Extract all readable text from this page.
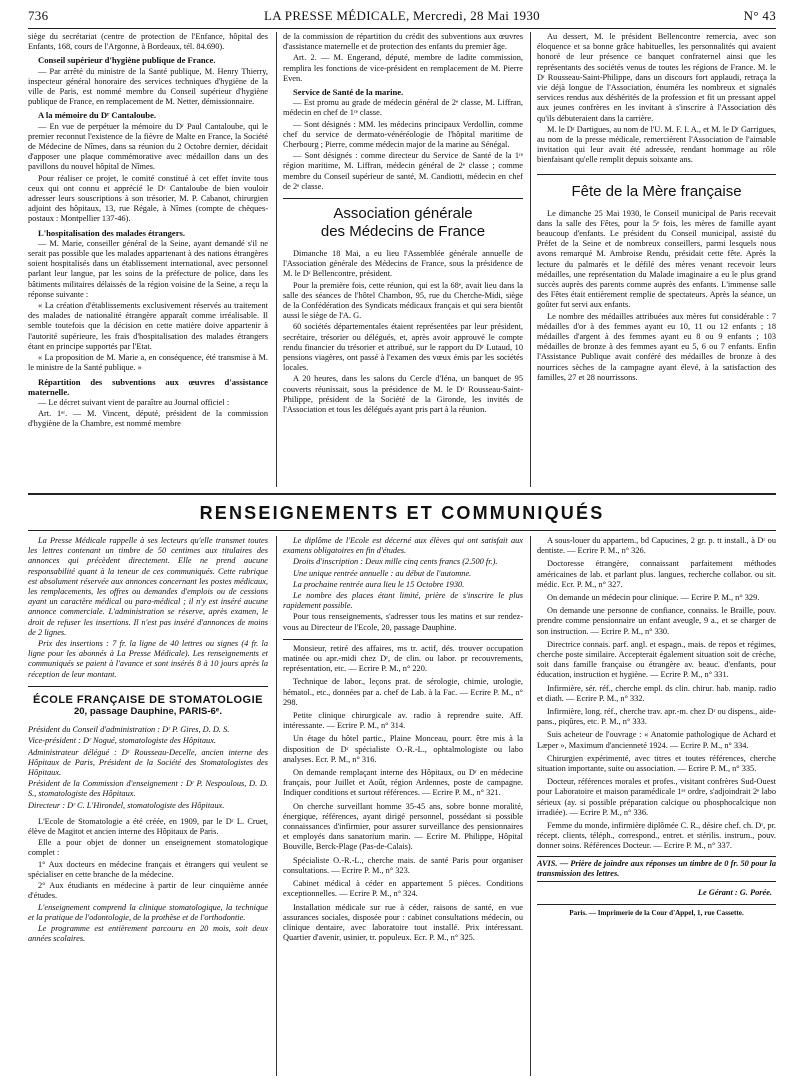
736	LA PRESSE MÉDICALE, Mercredi, 28 Mai 1930	N° 43

siège du secrétariat (centre de protection de l'Enfance, hôpital des Enfants, 168, cours de l'Argonne, à Bordeaux, tél. 84.690).

Conseil supérieur d'hygiène publique de France.

— Par arrêté du ministre de la Santé publique, M. Henry Thierry, inspecteur général honoraire des services techniques d'hygiène de la ville de Paris, est nommé membre du Conseil supérieur d'hygiène publique de France, en remplacement de M. Netter, démissionnaire.

A la mémoire du Dʳ Cantaloube.

— En vue de perpétuer la mémoire du Dʳ Paul Cantaloube, qui le premier reconnut l'existence de la fièvre de Malte en France, la Société de Médecine de Nîmes, dans sa réunion du 2 Octobre dernier, décidait d'apposer une plaque commémorative avec médaillon dans un des pavillons du nouvel hôpital de Nîmes.

Pour réaliser ce projet, le comité constitué à cet effet invite tous ceux qui ont connu et apprécié le Dʳ Cantaloube de bien vouloir adresser leurs souscriptions à son trésorier, M. P. Cabanot, chirurgien adjoint des hôpitaux, 13, rue Régale, à Nîmes (compte de chèques-postaux : Montpellier 137-46).

L'hospitalisation des malades étrangers.

— M. Marie, conseiller général de la Seine, ayant demandé s'il ne serait pas possible que les malades appartenant à des nations étrangères soient hospitalisés dans un établissement international, avec personnel parlant leur langue, par les soins de la préfecture de police, dans les bâtiments militaires délaissés de la région voisine de la Seine, a reçu la réponse suivante :

« La création d'établissements exclusivement réservés au traitement des malades de nationalité étrangère apparaît comme irréalisable. Il semble toutefois que la décision en cette matière doive appartenir à l'autorité supérieure, les frais d'hospitalisation des malades étrangers étant en principe supportés par l'Etat.

« La proposition de M. Marie a, en conséquence, été transmise à M. le ministre de la Santé publique. »

Répartition des subventions aux œuvres d'assistance maternelle.

— Le décret suivant vient de paraître au Journal officiel :

Art. 1ᵉʳ. — M. Vincent, député, président de la commission d'hygiène de la Chambre, est nommé membre

de la commission de répartition du crédit des subventions aux œuvres d'assistance maternelle et de protection des enfants du premier âge.

Art. 2. — M. Engerand, député, membre de ladite commission, remplira les fonctions de vice-président en remplacement de M. Pierre Even.

Service de Santé de la marine.

— Est promu au grade de médecin général de 2ᵉ classe, M. Liffran, médecin en chef de 1ʳᵉ classe.

— Sont désignés : MM. les médecins principaux Verdollin, comme chef du service de dermato-vénéréologie de l'hôpital maritime de Cherbourg ; Pierre, comme médecin major de la marine au Sénégal.

— Sont désignés : comme directeur du Service de Santé de la 1ʳᵉ région maritime, M. Liffran, médecin général de 2ᵉ classe ; comme membre du Conseil supérieur de santé, M. Candiotti, médecin en chef de 2ᵉ classe.

Association générale
des Médecins de France

Dimanche 18 Mai, a eu lieu l'Assemblée générale annuelle de l'Association générale des Médecins de France, sous la présidence de M. le Dʳ Bellencontre, président.

Pour la première fois, cette réunion, qui est la 68ᵉ, avait lieu dans la salle des séances de l'hôtel Chambon, 95, rue du Cherche-Midi, siège de la Confédération des Syndicats médicaux français et qui sera bientôt aussi le siège de l'A. G.

60 sociétés départementales étaient représentées par leur président, secrétaire, trésorier ou délégués, et, après avoir approuvé le compte rendu financier du trésorier et attribué, sur le rapport du Dʳ Lutaud, 10 pensions viagères, ont passé à l'examen des vœux émis par les sociétés locales.

A 20 heures, dans les salons du Cercle d'Iéna, un banquet de 95 couverts réunissait, sous la présidence de M. le Dʳ Rousseau-Saint-Philippe, président de la Société de la Gironde, les invités de l'Association et tous les délégués ayant pris part à la réunion.

Au dessert, M. le président Bellencontre remercia, avec son éloquence et sa bonne grâce habituelles, les personnalités qui avaient honoré de leur présence ce banquet confraternel ainsi que les représentants des sociétés venus de toutes les régions de France. M. le Dʳ Rousseau-Saint-Philippe, dans un discours fort applaudi, retraça la vie déjà longue de l'Association, énuméra les nombreux et signalés services rendus aux déshérités de la profession et fit un pressant appel aux jeunes confrères en les invitant à s'inscrire à l'Association dès qu'ils débuteraient dans la carrière.

M. le Dʳ Dartigues, au nom de l'U. M. F. I. A., et M. le Dʳ Garrigues, au nom de la presse médicale, remercièrent l'Association de l'aimable invitation qui leur avait été adressée, rendant hommage au rôle bienfaisant qu'elle remplit depuis soixante ans.

Fête de la Mère française

Le dimanche 25 Mai 1930, le Conseil municipal de Paris recevait dans la salle des Fêtes, pour la 5ᵉ fois, les mères de famille ayant beaucoup d'enfants. Le président du Conseil municipal, assisté du Préfet de la Seine et de nombreux conseillers, parmi lesquels nous avons remarqué M. Ambroise Rendu, présidait cette fête. Après la lecture du palmarès et le défilé des mères venant recevoir leurs médailles, une représentation du Malade imaginaire a eu le plus grand succès auprès des parents comme auprès des enfants. L'immense salle des Fêtes était entièrement remplie de spectateurs. Après la séance, un goûter fut servi aux enfants.

Le nombre des médailles attribuées aux mères fut considérable : 7 médailles d'or à des femmes ayant eu 10, 11 ou 12 enfants ; 18 médailles d'argent à des femmes ayant eu 8 ou 9 enfants ; 103 médailles de bronze à des femmes ayant eu 5, 6 ou 7 enfants. Enfin l'Assistance Publique avait conféré des médailles de bronze à des nourrices sèches de la campagne ayant élevé, à la satisfaction des familles, 27 et 28 nourrissons.

RENSEIGNEMENTS ET COMMUNIQUÉS

La Presse Médicale rappelle à ses lecteurs qu'elle transmet toutes les lettres contenant un timbre de 50 centimes aux titulaires des annonces qui précèdent directement. Elle ne prend aucune responsabilité quant à la teneur de ces communiqués. Cette rubrique est absolument réservée aux annonces concernant les postes médicaux, les remplacements, les offres ou demandes d'emplois ou de cessions ayant un caractère médical ou para-médical ; il n'y est inséré aucune annonce commerciale. L'administration se réserve, après examen, le droit de refuser les insertions. Il n'est pas inséré d'annonces de moins de 2 lignes.

Prix des insertions : 7 fr. la ligne de 40 lettres ou signes (4 fr. la ligne pour les abonnés à La Presse Médicale). Les renseignements et communiqués se paient à l'avance et sont insérés 8 à 10 jours après la réception de leur montant.

ÉCOLE FRANÇAISE DE STOMATOLOGIE
20, passage Dauphine, PARIS-6ᵉ.

Président du Conseil d'administration : Dʳ P. Gires, D. D. S.

Vice-président : Dʳ Nogué, stomatologiste des Hôpitaux.

Administrateur délégué : Dʳ Rousseau-Decelle, ancien interne des Hôpitaux de Paris, Président de la Société des Stomatologistes des Hôpitaux.

Président de la Commission d'enseignement : Dʳ P. Nespoulous, D. D. S., stomatologiste des Hôpitaux.

Directeur : Dʳ C. L'Hirondel, stomatologiste des Hôpitaux.

L'Ecole de Stomatologie a été créée, en 1909, par le Dʳ L. Cruet, élève de Magitot et ancien interne des Hôpitaux de Paris.

Elle a pour objet de donner un enseignement stomatologique complet :

1° Aux docteurs en médecine français et étrangers qui veulent se spécialiser en cette branche de la médecine.

2° Aux étudiants en médecine à partir de leur cinquième année d'études.

L'enseignement comprend la clinique stomatologique, la technique et la pratique de l'odontologie, de la prothèse et de l'orthodontie.

Le programme est entièrement parcouru en 20 mois, soit deux années scolaires.

Le diplôme de l'Ecole est décerné aux élèves qui ont satisfait aux examens obligatoires en fin d'études.

Droits d'inscription : Deux mille cinq cents francs (2.500 fr.).

Une unique rentrée annuelle : au début de l'automne.

La prochaine rentrée aura lieu le 15 Octobre 1930.

Le nombre des places étant limité, prière de s'inscrire le plus rapidement possible.

Pour tous renseignements, s'adresser tous les matins et sur rendez-vous au Directeur de l'Ecole, 20, passage Dauphine.

Monsieur, retiré des affaires, ms tr. actif, dés. trouver occupation matinée ou apr.-midi chez Dʳ, de clin. ou labor. pr recouvrements, représentation, etc. — Ecrire P. M., n° 220.

Technique de labor., leçons prat. de sérologie, chimie, urologie, hématol., etc., données par a. chef de Lab. à la Fac. — Ecrire P. M., n° 298.

Petite clinique chirurgicale av. radio à reprendre suite. Aff. intéressante. — Ecrire P. M., n° 314.

Un étage du hôtel partic., Plaine Monceau, pourr. être mis à la disposition de Dʳ spécialiste O.-R.-L., ophtalmologiste ou labo analyses. Ecr. P. M., n° 316.

On demande remplaçant interne des Hôpitaux, ou Dʳ en médecine français, pour Juillet et Août, région Ardennes, poste de campagne. Indiquer conditions et surtout références. — Ecrire P. M., n° 321.

On cherche surveillant homme 35-45 ans, sobre bonne moralité, énergique, références, ayant dirigé personnel, possédant si possible connaissances d'infirmier, pour assurer surveillance des pensionnaires et employés dans sanatorium marin. — Ecrire M. Philippe, Hôpital Bouville, Berck-Plage (Pas-de-Calais).

Spécialiste O.-R.-L., cherche mais. de santé Paris pour organiser consultations. — Ecrire P. M., n° 323.

Cabinet médical à céder en appartement 5 pièces. Conditions exceptionnelles. — Ecrire P. M., n° 324.

Installation médicale sur rue à céder, raisons de santé, en vue assurances sociales, disposée pour : cabinet consultations médecin, ou clinique dentaire, avec laboratoire tout installé. Prix intéressant. Quartier d'avenir, usinier, tr. populeux. Ecr. P. M., n° 325.

A sous-louer du appartem., bd Capucines, 2 gr. p. tt install., à Dʳ ou dentiste. — Ecrire P. M., n° 326.

Doctoresse étrangère, connaissant parfaitement méthodes américaines de lab. et parlant plus. langues, recherche collabor. ou sit. médic. Ecr. P. M., n° 327.

On demande un médecin pour clinique. — Ecrire P. M., n° 329.

On demande une personne de confiance, connaiss. le Braille, pouv. prendre comme pensionnaire un enfant aveugle, 9 a., et se charger de son instruction. — Ecrire P. M., n° 330.

Directrice connais. parf. angl. et espagn., mais. de repos et régimes, cherche poste similaire. Accepterait également situation soit de crèche, soit dans famille française ou étrangère av. beauc. d'enfants, pour éducation, instruction et hygiène. — Ecrire P. M., n° 331.

Infirmière, sér. réf., cherche empl. ds clin. chirur. hab. manip. radio et diath. — Ecrire P. M., n° 332.

Infirmière, long. réf., cherche trav. apr.-m. chez Dʳ ou dispens., aide-pans., piqûres, etc. P. M., n° 333.

Suis acheteur de l'ouvrage : « Anatomie pathologique de Achard et Læper », Maximum d'ancienneté 1924. — Ecrire P. M., n° 334.

Chirurgien expérimenté, avec titres et toutes références, cherche situation importante, suite ou association. — Ecrire P. M., n° 335.

Docteur, références morales et profes., visitant confrères Sud-Ouest pour Laboratoire et maison paramédicale 1ᵉʳ ordre, s'adjoindrait 2ᵉ labo sérieux (ay. si possible préparation calcique ou phosphocalcique non irradiée). — Ecrire P. M., n° 336.

Femme du monde, infirmière diplômée C. R., désire chef. ch. Dʳ, pr. récept. clients, téléph., correspond., entret. et stérilis. instrum., pouv. donner soins. Références Docteur. — Ecrire P. M., n° 337.

AVIS. — Prière de joindre aux réponses un timbre de 0 fr. 50 pour la transmission des lettres.
Le Gérant : G. Porée.
Paris. — Imprimerie de la Cour d'Appel, 1, rue Cassette.
